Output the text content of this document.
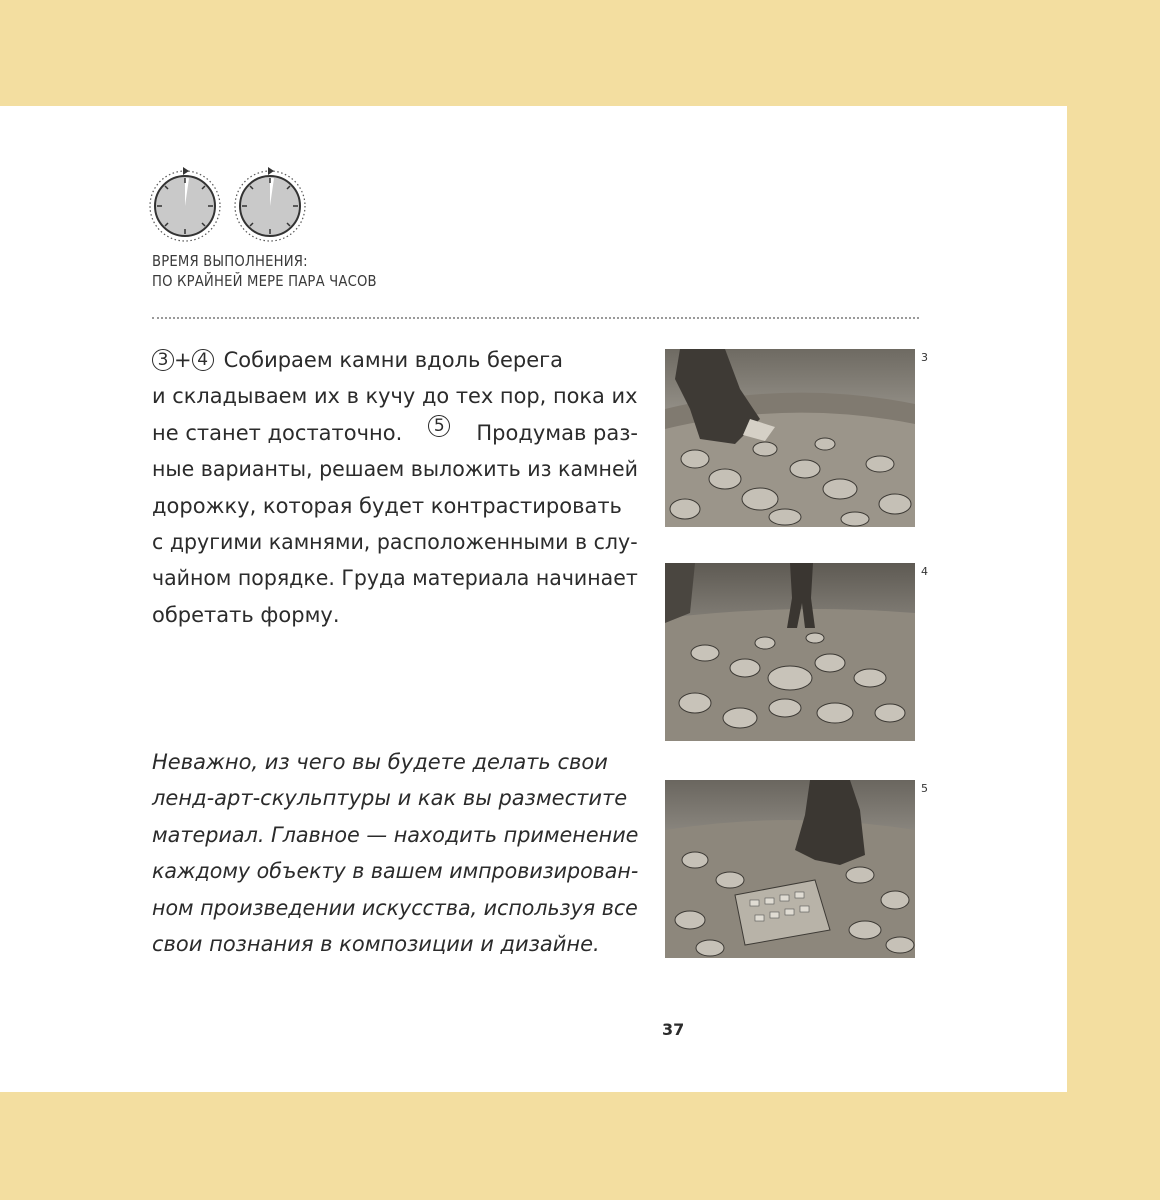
ВРЕМЯ ВЫПОЛНЕНИЯ:
ПО КРАЙНЕЙ МЕРЕ ПАРА ЧАСОВ
3 + 4 Собираем камни вдоль берега
и складываем их в кучу до тех пор, пока их
не станет достаточно.	5 Продумав раз-
ные варианты, решаем выложить из камней
дорожку, которая будет контрастировать
с другими камнями, расположенными в слу-
чайном порядке. Груда материала начинает
обретать форму.
Неважно, из чего вы будете делать свои
ленд-арт-скульптуры и как вы разместите
материал. Главное — находить применение
каждому объекту в вашем импровизирован-
ном произведении искусства, используя все
свои познания в композиции и дизайне.
3
4
5
37
